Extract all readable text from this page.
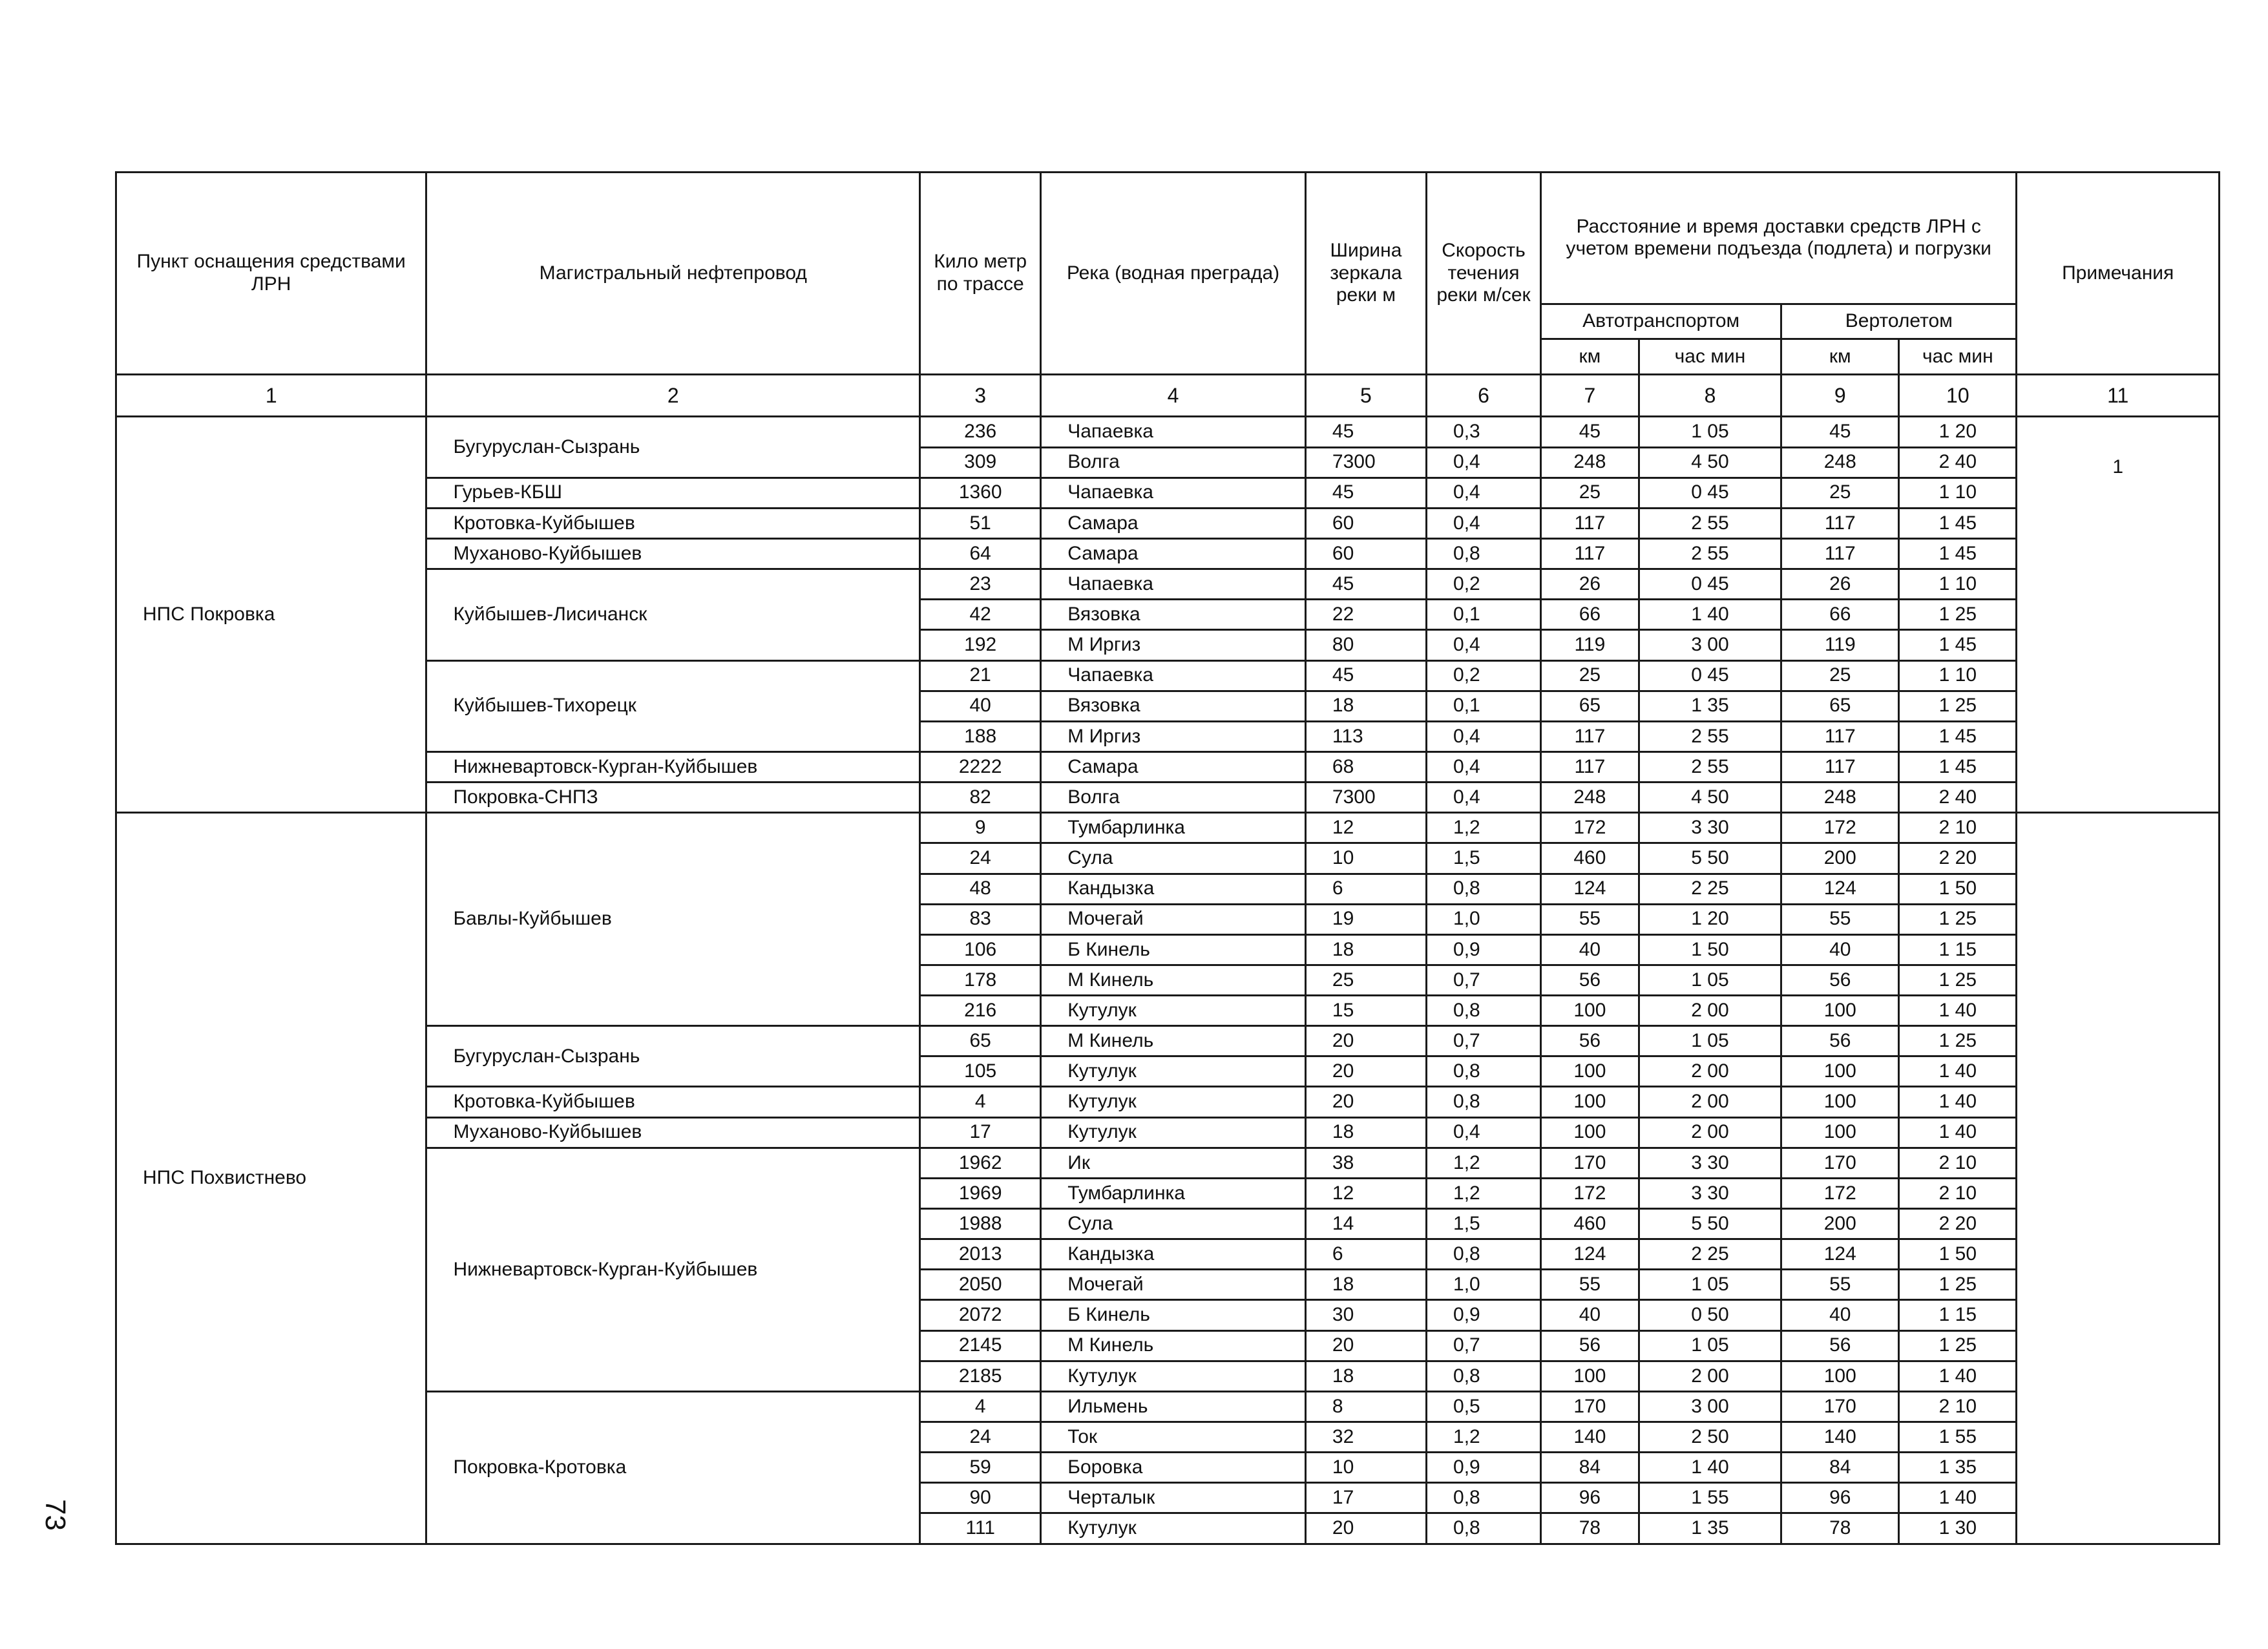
Пункт оснащения средствами ЛРН	Магистральный нефтепровод	Кило метр по трассе	Река (водная преграда)	Ширина зеркала реки м	Скорость течения реки м/сек	Расстояние и время доставки средств ЛРН с учетом времени подъезда (подлета) и погрузки				Примечания
						Автотранспортом		Вертолетом		
						км	час мин	км	час мин	
1	2	3	4	5	6	7	8	9	10	11
НПС Покровка	Бугуруслан-Сызрань	236	Чапаевка	45	0,3	45	1 05	45	1 20	1
		309	Волга	7300	0,4	248	4 50	248	2 40	
	Гурьев-КБШ	1360	Чапаевка	45	0,4	25	0 45	25	1 10	
	Кротовка-Куйбышев	51	Самара	60	0,4	117	2 55	117	1 45	
	Муханово-Куйбышев	64	Самара	60	0,8	117	2 55	117	1 45	
	Куйбышев-Лисичанск	23	Чапаевка	45	0,2	26	0 45	26	1 10	
		42	Вязовка	22	0,1	66	1 40	66	1 25	
		192	М Иргиз	80	0,4	119	3 00	119	1 45	
	Куйбышев-Тихорецк	21	Чапаевка	45	0,2	25	0 45	25	1 10	
		40	Вязовка	18	0,1	65	1 35	65	1 25	
		188	М Иргиз	113	0,4	117	2 55	117	1 45	
	Нижневартовск-Курган-Куйбышев	2222	Самара	68	0,4	117	2 55	117	1 45	
	Покровка-СНПЗ	82	Волга	7300	0,4	248	4 50	248	2 40	
НПС Похвистнево	Бавлы-Куйбышев	9	Тумбарлинка	12	1,2	172	3 30	172	2 10	
		24	Сула	10	1,5	460	5 50	200	2 20	
		48	Кандызка	6	0,8	124	2 25	124	1 50	
		83	Мочегай	19	1,0	55	1 20	55	1 25	
		106	Б Кинель	18	0,9	40	1 50	40	1 15	
		178	М Кинель	25	0,7	56	1 05	56	1 25	
		216	Кутулук	15	0,8	100	2 00	100	1 40	
	Бугуруслан-Сызрань	65	М Кинель	20	0,7	56	1 05	56	1 25	
		105	Кутулук	20	0,8	100	2 00	100	1 40	
	Кротовка-Куйбышев	4	Кутулук	20	0,8	100	2 00	100	1 40	
	Муханово-Куйбышев	17	Кутулук	18	0,4	100	2 00	100	1 40	
	Нижневартовск-Курган-Куйбышев	1962	Ик	38	1,2	170	3 30	170	2 10	
		1969	Тумбарлинка	12	1,2	172	3 30	172	2 10	
		1988	Сула	14	1,5	460	5 50	200	2 20	
		2013	Кандызка	6	0,8	124	2 25	124	1 50	
		2050	Мочегай	18	1,0	55	1 05	55	1 25	
		2072	Б Кинель	30	0,9	40	0 50	40	1 15	
		2145	М Кинель	20	0,7	56	1 05	56	1 25	
		2185	Кутулук	18	0,8	100	2 00	100	1 40	
	Покровка-Кротовка	4	Ильмень	8	0,5	170	3 00	170	2 10	
		24	Ток	32	1,2	140	2 50	140	1 55	
		59	Боровка	10	0,9	84	1 40	84	1 35	
		90	Черталык	17	0,8	96	1 55	96	1 40	
		111	Кутулук	20	0,8	78	1 35	78	1 30	
73
